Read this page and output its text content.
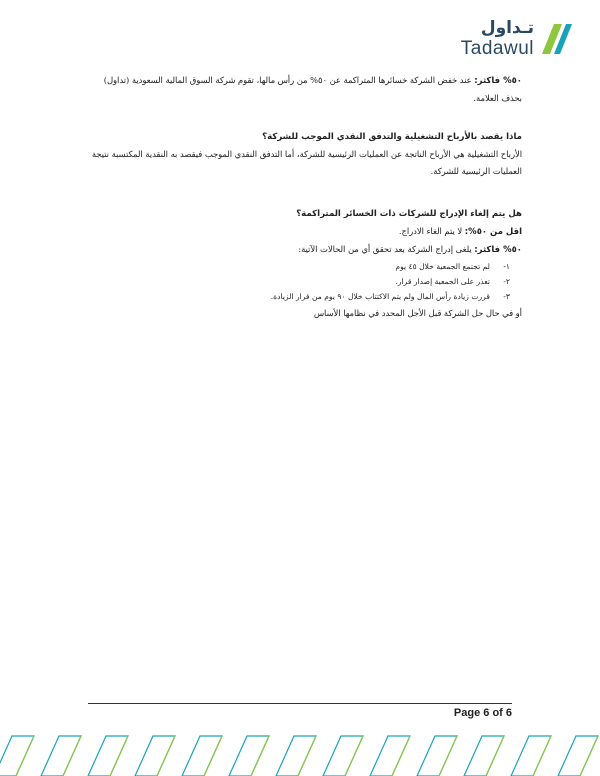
تـداول
Tadawul

٥٠% فاكثر: عند خفض الشركة خسائرها المتراكمة عن ٥٠% من رأس مالها، تقوم شركة السوق المالية السعودية (تداول) بحذف العلامة.

ماذا يقصد بالأرباح التشغيلية والتدفق النقدي الموجب للشركة؟

الأرباح التشغيلية هي الأرباح الناتجة عن العمليات الرئيسية للشركة، أما التدفق النقدي الموجب فيقصد به النقدية المكتسبة نتيجة العمليات الرئيسية للشركة.

هل يتم إلغاء الإدراج للشركات ذات الخسائر المتراكمة؟

اقل من ٥٠%: لا يتم الغاء الادراج.

٥٠% فاكثر: يلغى إدراج الشركة بعد تحقق أي من الحالات الآتية:

١-
لم تجتمع الجمعية خلال ٤٥ يوم
٢-
تعذر على الجمعية إصدار قرار.
٣-
قررت زيادة رأس المال ولم يتم الاكتتاب خلال ٩٠ يوم من قرار الزيادة.

أو في حال حل الشركة قبل الأجل المحدد في نظامها الأساس

Page 6 of 6
